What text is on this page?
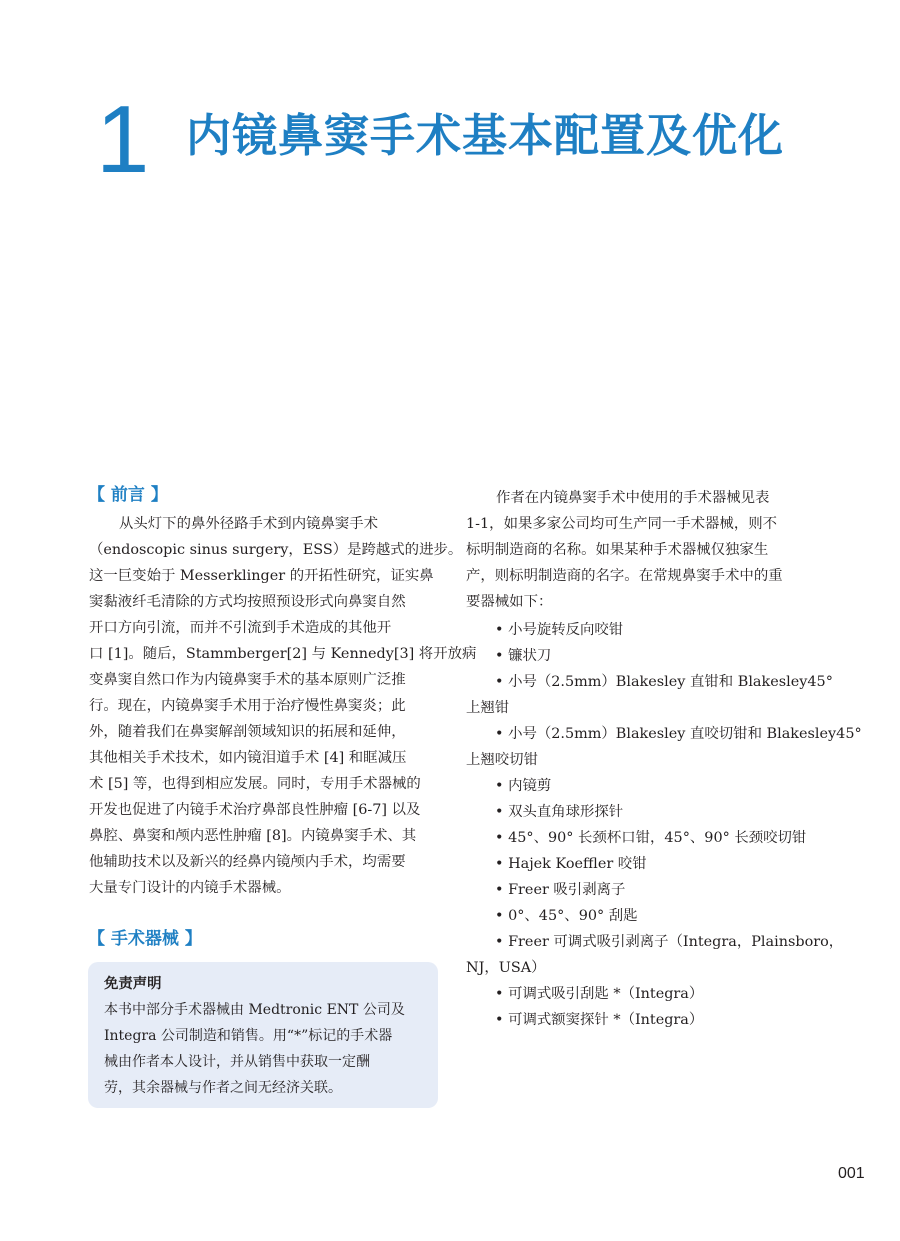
1 内镜鼻窦手术基本配置及优化
【 前言 】
从头灯下的鼻外径路手术到内镜鼻窦手术
（endoscopic sinus surgery，ESS）是跨越式的进步。
这一巨变始于 Messerklinger 的开拓性研究，证实鼻
窦黏液纤毛清除的方式均按照预设形式向鼻窦自然
开口方向引流，而并不引流到手术造成的其他开
口 [1]。随后，Stammberger[2] 与 Kennedy[3] 将开放病
变鼻窦自然口作为内镜鼻窦手术的基本原则广泛推
行。现在，内镜鼻窦手术用于治疗慢性鼻窦炎；此
外，随着我们在鼻窦解剖领域知识的拓展和延伸，
其他相关手术技术，如内镜泪道手术 [4] 和眶减压
术 [5] 等，也得到相应发展。同时，专用手术器械的
开发也促进了内镜手术治疗鼻部良性肿瘤 [6-7] 以及
鼻腔、鼻窦和颅内恶性肿瘤 [8]。内镜鼻窦手术、其
他辅助技术以及新兴的经鼻内镜颅内手术，均需要
大量专门设计的内镜手术器械。
【 手术器械 】
免责声明
本书中部分手术器械由 Medtronic ENT 公司及
Integra 公司制造和销售。用“*”标记的手术器
械由作者本人设计，并从销售中获取一定酬
劳，其余器械与作者之间无经济关联。
作者在内镜鼻窦手术中使用的手术器械见表
1-1，如果多家公司均可生产同一手术器械，则不
标明制造商的名称。如果某种手术器械仅独家生
产，则标明制造商的名字。在常规鼻窦手术中的重
要器械如下：
• 小号旋转反向咬钳
• 镰状刀
• 小号（2.5mm）Blakesley 直钳和 Blakesley45°
上翘钳
• 小号（2.5mm）Blakesley 直咬切钳和 Blakesley45°
上翘咬切钳
• 内镜剪
• 双头直角球形探针
• 45°、90° 长颈杯口钳，45°、90° 长颈咬切钳
• Hajek Koeffler 咬钳
• Freer 吸引剥离子
• 0°、45°、90° 刮匙
• Freer 可调式吸引剥离子（Integra，Plainsboro，
NJ，USA）
• 可调式吸引刮匙 *（Integra）
• 可调式额窦探针 *（Integra）
001
